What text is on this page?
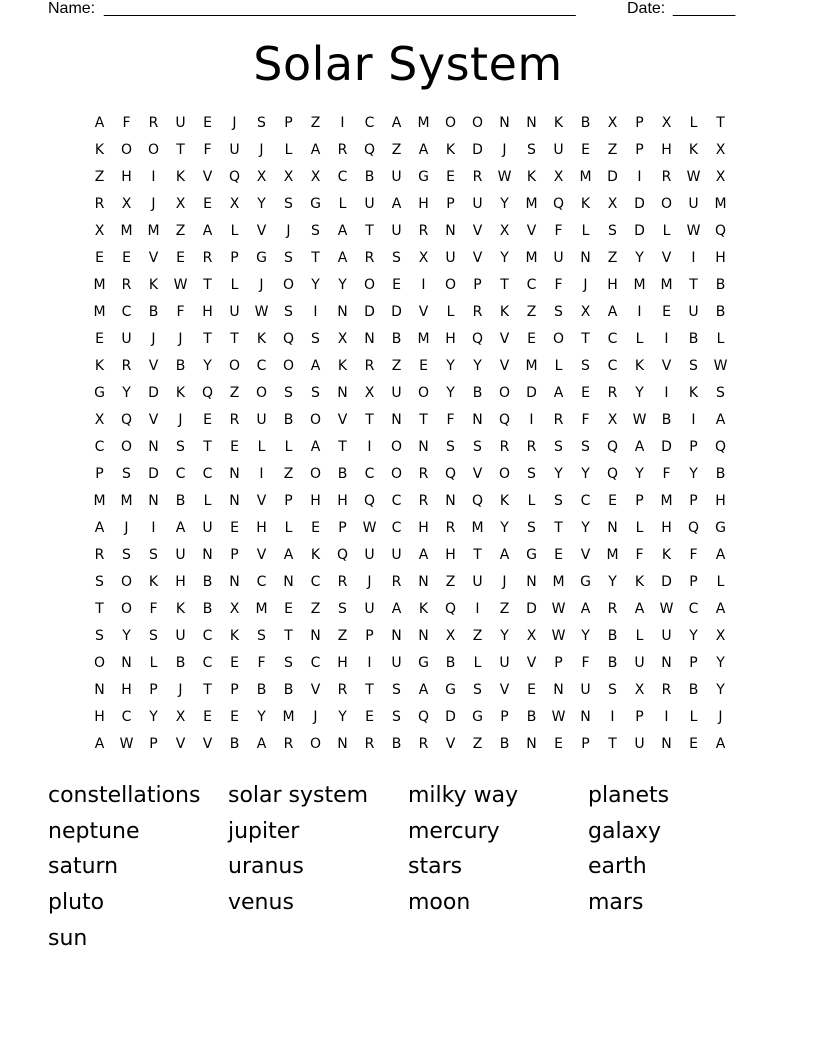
Name: _____________________________________________________	Date: _______
Solar System
A	F	R	U	E	J	S	P	Z	I	C	A	M	O	O	N	N	K	B	X	P	X	L	T
K	O	O	T	F	U	J	L	A	R	Q	Z	A	K	D	J	S	U	E	Z	P	H	K	X
Z	H	I	K	V	Q	X	X	X	C	B	U	G	E	R	W	K	X	M	D	I	R	W	X
R	X	J	X	E	X	Y	S	G	L	U	A	H	P	U	Y	M	Q	K	X	D	O	U	M
X	M	M	Z	A	L	V	J	S	A	T	U	R	N	V	X	V	F	L	S	D	L	W	Q
E	E	V	E	R	P	G	S	T	A	R	S	X	U	V	Y	M	U	N	Z	Y	V	I	H
M	R	K	W	T	L	J	O	Y	Y	O	E	I	O	P	T	C	F	J	H	M	M	T	B
M	C	B	F	H	U	W	S	I	N	D	D	V	L	R	K	Z	S	X	A	I	E	U	B
E	U	J	J	T	T	K	Q	S	X	N	B	M	H	Q	V	E	O	T	C	L	I	B	L
K	R	V	B	Y	O	C	O	A	K	R	Z	E	Y	Y	V	M	L	S	C	K	V	S	W
G	Y	D	K	Q	Z	O	S	S	N	X	U	O	Y	B	O	D	A	E	R	Y	I	K	S
X	Q	V	J	E	R	U	B	O	V	T	N	T	F	N	Q	I	R	F	X	W	B	I	A
C	O	N	S	T	E	L	L	A	T	I	O	N	S	S	R	R	S	S	Q	A	D	P	Q
P	S	D	C	C	N	I	Z	O	B	C	O	R	Q	V	O	S	Y	Y	Q	Y	F	Y	B
M	M	N	B	L	N	V	P	H	H	Q	C	R	N	Q	K	L	S	C	E	P	M	P	H
A	J	I	A	U	E	H	L	E	P	W	C	H	R	M	Y	S	T	Y	N	L	H	Q	G
R	S	S	U	N	P	V	A	K	Q	U	U	A	H	T	A	G	E	V	M	F	K	F	A
S	O	K	H	B	N	C	N	C	R	J	R	N	Z	U	J	N	M	G	Y	K	D	P	L
T	O	F	K	B	X	M	E	Z	S	U	A	K	Q	I	Z	D	W	A	R	A	W	C	A
S	Y	S	U	C	K	S	T	N	Z	P	N	N	X	Z	Y	X	W	Y	B	L	U	Y	X
O	N	L	B	C	E	F	S	C	H	I	U	G	B	L	U	V	P	F	B	U	N	P	Y
N	H	P	J	T	P	B	B	V	R	T	S	A	G	S	V	E	N	U	S	X	R	B	Y
H	C	Y	X	E	E	Y	M	J	Y	E	S	Q	D	G	P	B	W	N	I	P	I	L	J
A	W	P	V	V	B	A	R	O	N	R	B	R	V	Z	B	N	E	P	T	U	N	E	A
constellations	solar system	milky way	planets
neptune	jupiter	mercury	galaxy
saturn	uranus	stars	earth
pluto	venus	moon	mars
sun
